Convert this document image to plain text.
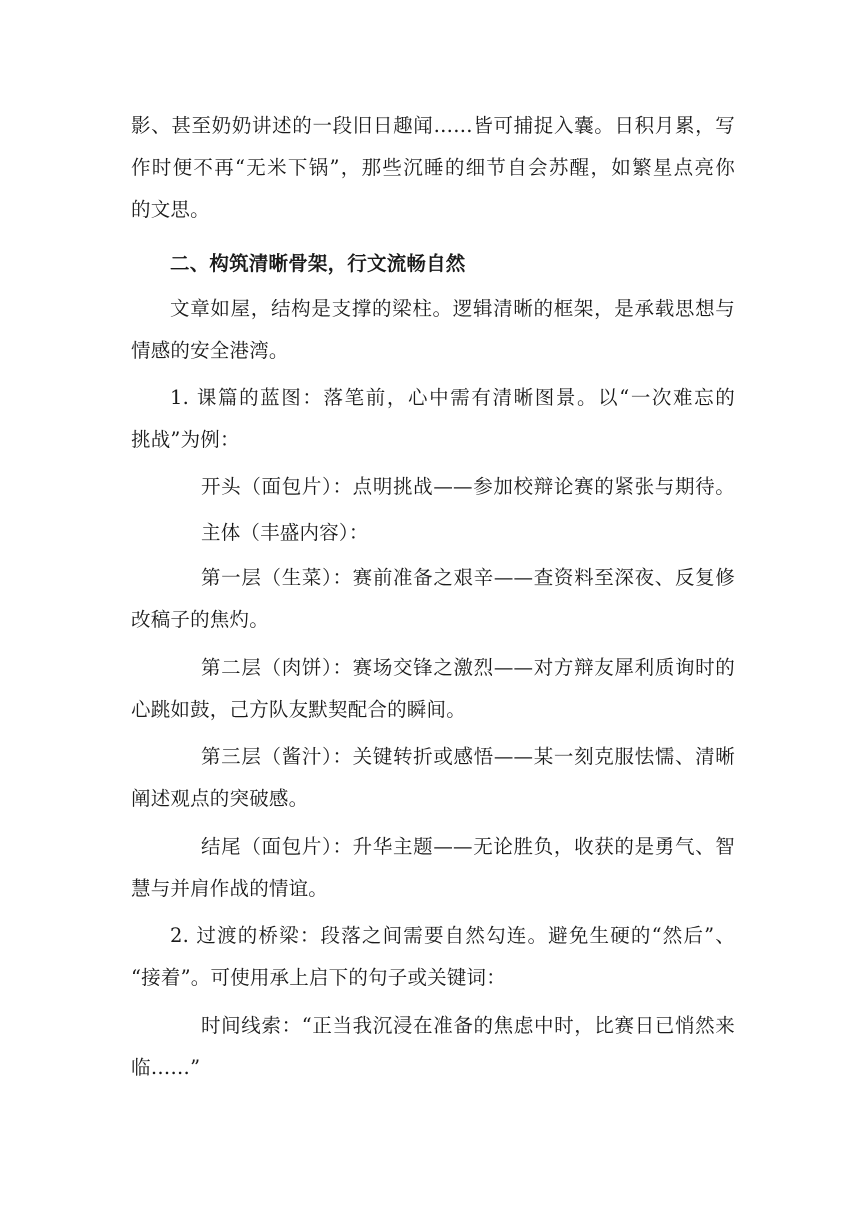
影、甚至奶奶讲述的一段旧日趣闻……皆可捕捉入囊。日积月累，写
作时便不再“无米下锅”，那些沉睡的细节自会苏醒，如繁星点亮你
的文思。
二、构筑清晰骨架，行文流畅自然
文章如屋，结构是支撑的梁柱。逻辑清晰的框架，是承载思想与
情感的安全港湾。
1. 课篇的蓝图：落笔前，心中需有清晰图景。以“一次难忘的
挑战”为例：
开头（面包片）：点明挑战——参加校辩论赛的紧张与期待。
主体（丰盛内容）：
第一层（生菜）：赛前准备之艰辛——查资料至深夜、反复修
改稿子的焦灼。
第二层（肉饼）：赛场交锋之激烈——对方辩友犀利质询时的
心跳如鼓，己方队友默契配合的瞬间。
第三层（酱汁）：关键转折或感悟——某一刻克服怯懦、清晰
阐述观点的突破感。
结尾（面包片）：升华主题——无论胜负，收获的是勇气、智
慧与并肩作战的情谊。
2. 过渡的桥梁：段落之间需要自然勾连。避免生硬的“然后”、
“接着”。可使用承上启下的句子或关键词：
时间线索：“正当我沉浸在准备的焦虑中时，比赛日已悄然来
临……”
